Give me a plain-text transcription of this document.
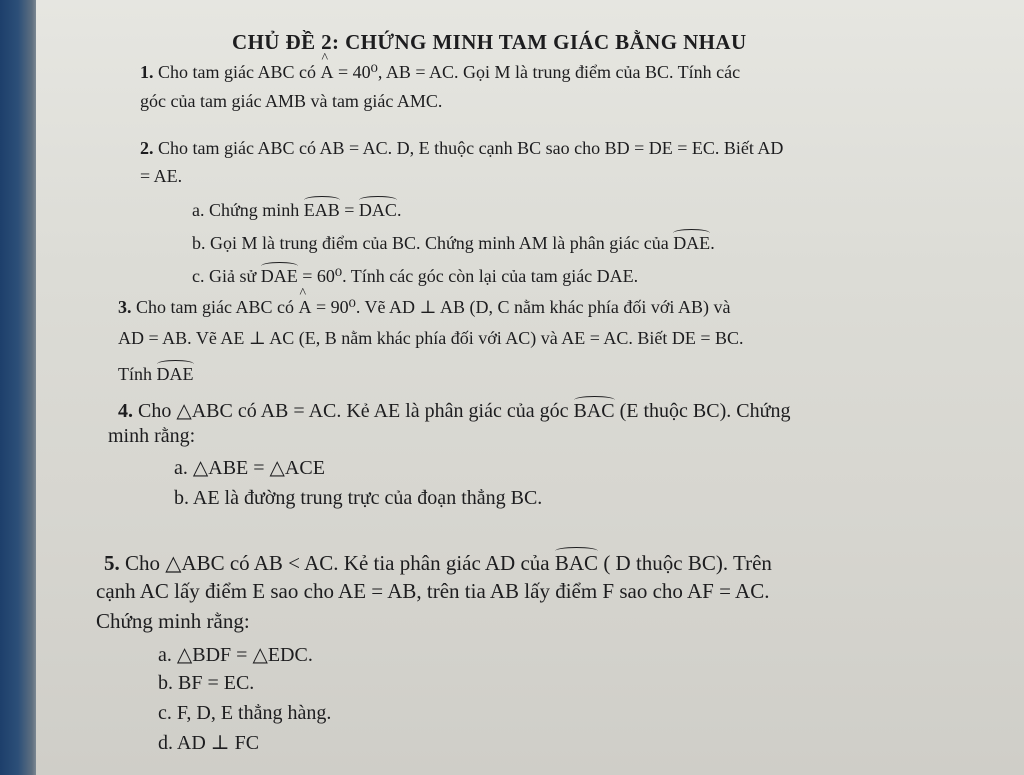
CHỦ ĐỀ 2: CHỨNG MINH TAM GIÁC BẰNG NHAU
1. Cho tam giác ABC có ^ A = 40⁰, AB = AC. Gọi M là trung điểm của BC. Tính các
góc của tam giác AMB và tam giác AMC.
2. Cho tam giác ABC có AB = AC. D, E thuộc cạnh BC sao cho BD = DE = EC. Biết AD
= AE.
a. Chứng minh EAB = DAC.
b. Gọi M là trung điểm của BC. Chứng minh AM là phân giác của DAE.
c. Giả sử DAE = 60⁰. Tính các góc còn lại của tam giác DAE.
3. Cho tam giác ABC có ^ A = 90⁰. Vẽ AD ⊥ AB (D, C nằm khác phía đối với AB) và
AD = AB. Vẽ AE ⊥ AC (E, B nằm khác phía đối với AC) và AE = AC. Biết DE = BC.
Tính DAE
4. Cho △ABC có AB = AC. Kẻ AE là phân giác của góc BAC (E thuộc BC). Chứng
minh rằng:
a. △ABE = △ACE
b. AE là đường trung trực của đoạn thẳng BC.
5. Cho △ABC có AB < AC. Kẻ tia phân giác AD của BAC ( D thuộc BC). Trên
cạnh AC lấy điểm E sao cho AE = AB, trên tia AB lấy điểm F sao cho AF = AC.
Chứng minh rằng:
a. △BDF = △EDC.
b. BF = EC.
c. F, D, E thẳng hàng.
d. AD ⊥ FC
